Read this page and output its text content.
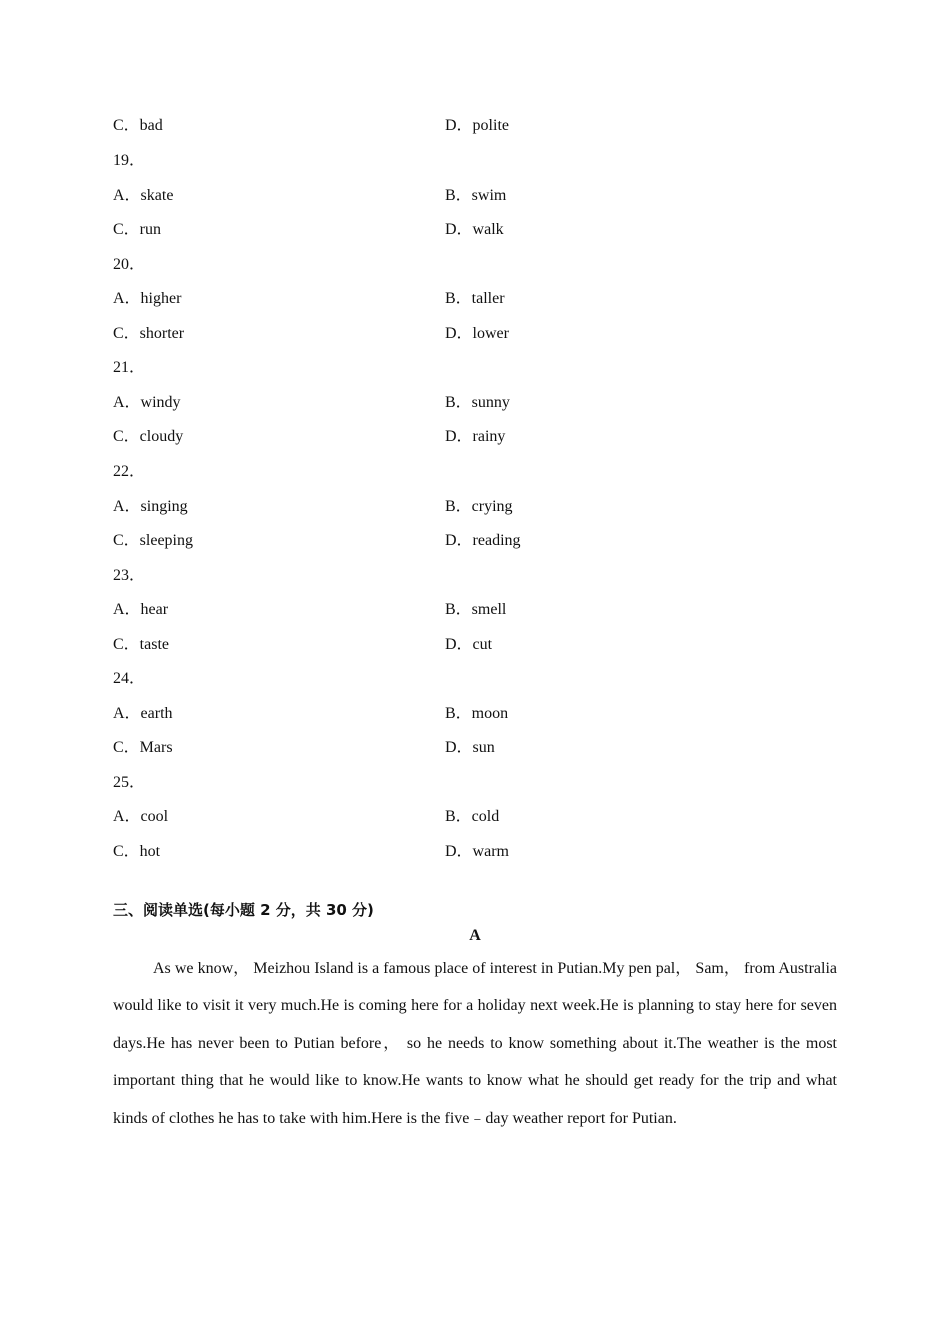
C．bad	D．polite
19．
A．skate	B．swim
C．run	D．walk
20．
A．higher	B．taller
C．shorter	D．lower
21．
A．windy	B．sunny
C．cloudy	D．rainy
22．
A．singing	B．crying
C．sleeping	D．reading
23．
A．hear	B．smell
C．taste	D．cut
24．
A．earth	B．moon
C．Mars	D．sun
25．
A．cool	B．cold
C．hot	D．warm
三、阅读单选(每小题 2 分，共 30 分)
A
As we know， Meizhou Island is a famous place of interest in Putian.My pen pal， Sam， from Australia would like to visit it very much.He is coming here for a holiday next week.He is planning to stay here for seven days.He has never been to Putian before， so he needs to know something about it.The weather is the most important thing that he would like to know.He wants to know what he should get ready for the trip and what kinds of clothes he has to take with him.Here is the five﹣day weather report for Putian.
